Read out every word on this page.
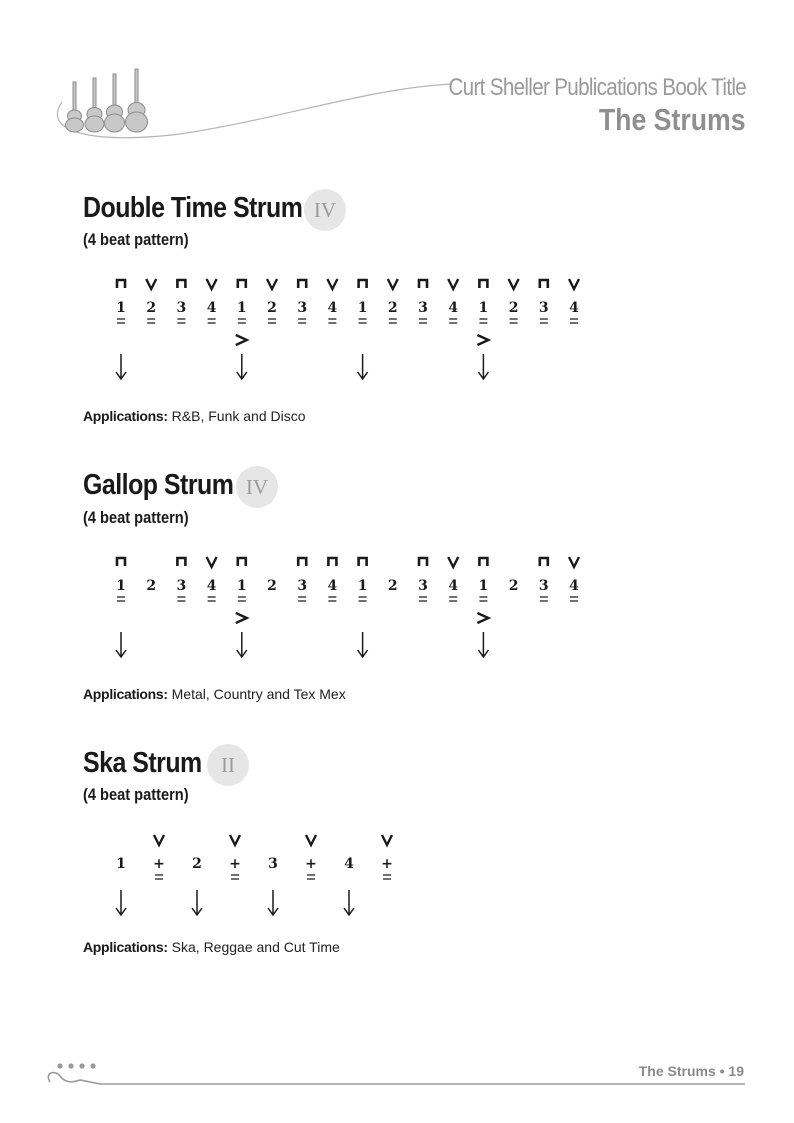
Curt Sheller Publications Book Title
The Strums
Double Time Strum IV
(4 beat pattern)
1 2 3 4 1 2 3 4 1 2 3 4 1 2 3 4
Applications: R&B, Funk and Disco
Gallop Strum IV
(4 beat pattern)
1 2 3 4 1 2 3 4 1 2 3 4 1 2 3 4
Applications: Metal, Country and Tex Mex
Ska Strum II
(4 beat pattern)
1 + 2 + 3 + 4 +
Applications: Ska, Reggae and Cut Time
The Strums • 19
